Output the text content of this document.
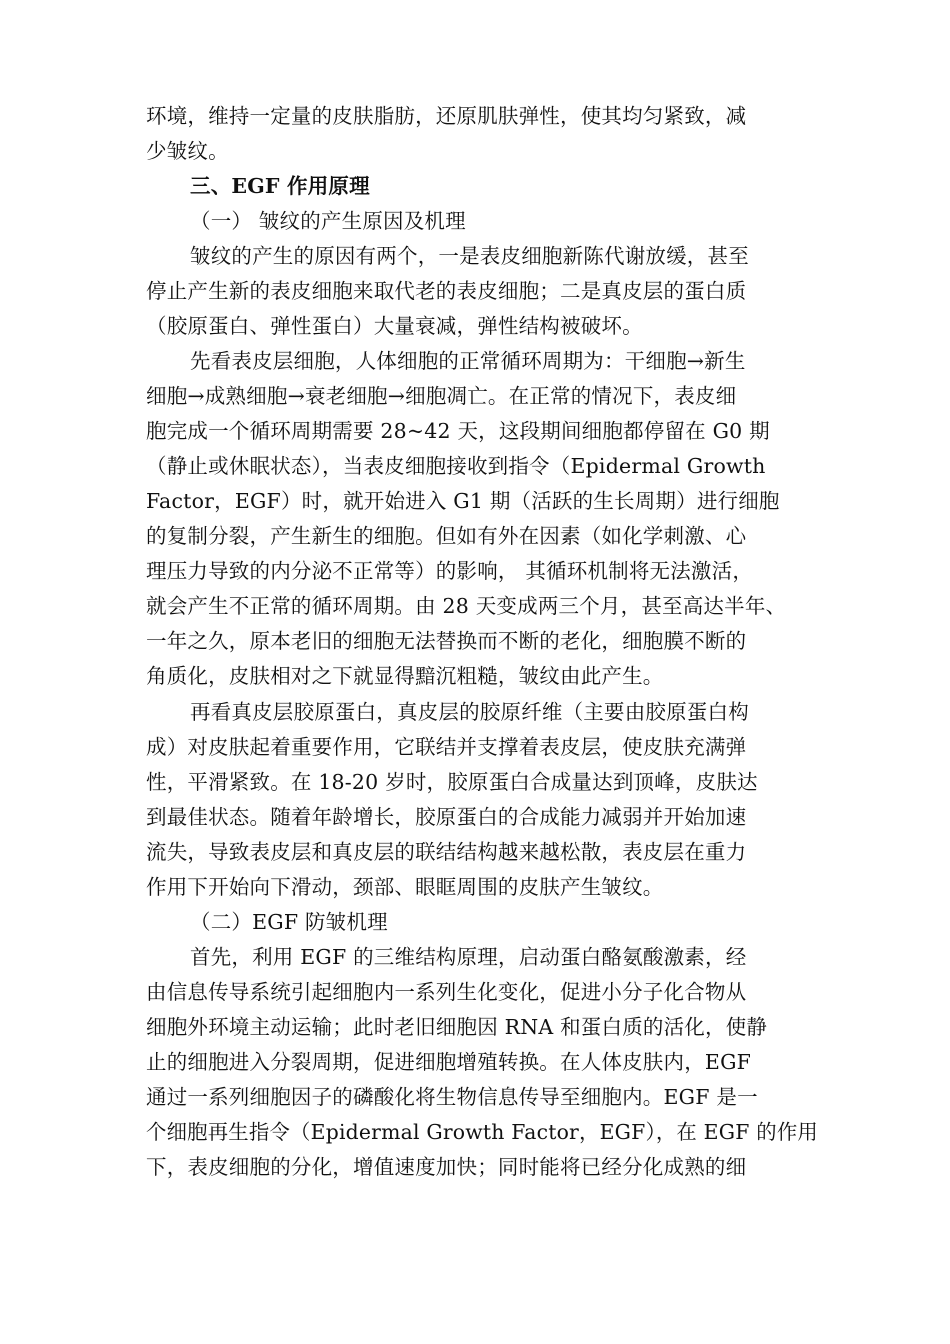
环境，维持一定量的皮肤脂肪，还原肌肤弹性，使其均匀紧致，减
少皱纹。
三、EGF 作用原理
（一） 皱纹的产生原因及机理
皱纹的产生的原因有两个，一是表皮细胞新陈代谢放缓，甚至
停止产生新的表皮细胞来取代老的表皮细胞；二是真皮层的蛋白质
（胶原蛋白、弹性蛋白）大量衰减，弹性结构被破坏。
先看表皮层细胞，人体细胞的正常循环周期为：干细胞→新生
细胞→成熟细胞→衰老细胞→细胞凋亡。在正常的情况下，表皮细
胞完成一个循环周期需要 28~42 天，这段期间细胞都停留在 G0 期
（静止或休眠状态），当表皮细胞接收到指令（Epidermal Growth
Factor，EGF）时，就开始进入 G1 期（活跃的生长周期）进行细胞
的复制分裂，产生新生的细胞。但如有外在因素（如化学刺激、心
理压力导致的内分泌不正常等）的影响， 其循环机制将无法激活，
就会产生不正常的循环周期。由 28 天变成两三个月，甚至高达半年、
一年之久，原本老旧的细胞无法替换而不断的老化，细胞膜不断的
角质化，皮肤相对之下就显得黯沉粗糙，皱纹由此产生。
再看真皮层胶原蛋白，真皮层的胶原纤维（主要由胶原蛋白构
成）对皮肤起着重要作用，它联结并支撑着表皮层，使皮肤充满弹
性，平滑紧致。在 18-20 岁时，胶原蛋白合成量达到顶峰，皮肤达
到最佳状态。随着年龄增长，胶原蛋白的合成能力减弱并开始加速
流失，导致表皮层和真皮层的联结结构越来越松散，表皮层在重力
作用下开始向下滑动，颈部、眼眶周围的皮肤产生皱纹。
（二）EGF 防皱机理
首先，利用 EGF 的三维结构原理，启动蛋白酪氨酸激素，经
由信息传导系统引起细胞内一系列生化变化，促进小分子化合物从
细胞外环境主动运输；此时老旧细胞因 RNA 和蛋白质的活化，使静
止的细胞进入分裂周期，促进细胞增殖转换。在人体皮肤内，EGF
通过一系列细胞因子的磷酸化将生物信息传导至细胞内。EGF 是一
个细胞再生指令（Epidermal Growth Factor，EGF），在 EGF 的作用
下，表皮细胞的分化，增值速度加快；同时能将已经分化成熟的细
